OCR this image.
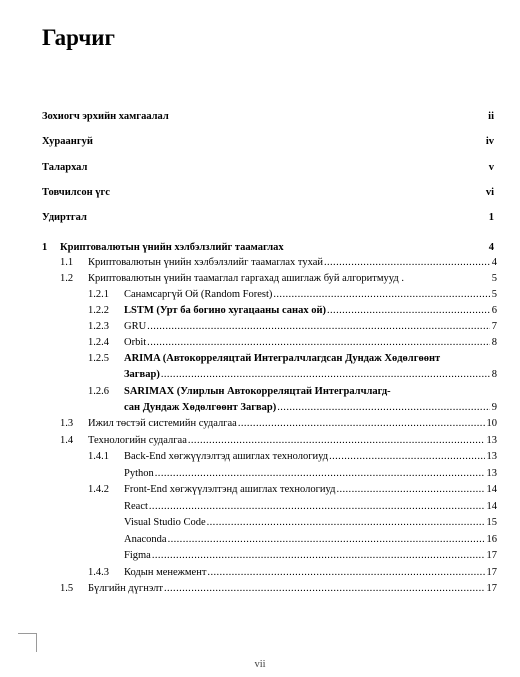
Гарчиг
Зохиогч эрхийн хамгаалал	ii
Хураангуй	iv
Талархал	v
Товчилсон үгс	vi
Удиртгал	1
1 Криптовалютын үнийн хэлбэлзлийг таамаглах	4
1.1 Криптовалютын үнийн хэлбэлзлийг таамаглах тухай .....	4
1.2 Криптовалютын үнийн таамаглал гаргахад ашиглаж буй алгоритмууд .	5
1.2.1 Санамсаргүй Ой (Random Forest) .....	5
1.2.2 LSTM (Урт ба богино хугацааны санах ой) .....	6
1.2.3 GRU .....	7
1.2.4 Orbit .....	8
1.2.5 ARIMA (Автокорреляцтай Интегралчлагдсан Дундаж Хөдөлгөөнт
Загвар) .....	8
1.2.6 SARIMAX (Улирлын Автокорреляцтай Интегралчлагд-
сан Дундаж Хөдөлгөөнт Загвар) .....	9
1.3 Ижил төстэй системийн судалгаа .....	10
1.4 Технологийн судалгаа .....	13
1.4.1 Back-End хөгжүүлэлтэд ашиглах технологиуд .....	13
Python .....	13
1.4.2 Front-End хөгжүүлэлтэнд ашиглах технологиуд .....	14
React .....	14
Visual Studio Code .....	15
Anaconda .....	16
Figma .....	17
1.4.3 Кодын менежмент .....	17
1.5 Бүлгийн дүгнэлт .....	17
vii
